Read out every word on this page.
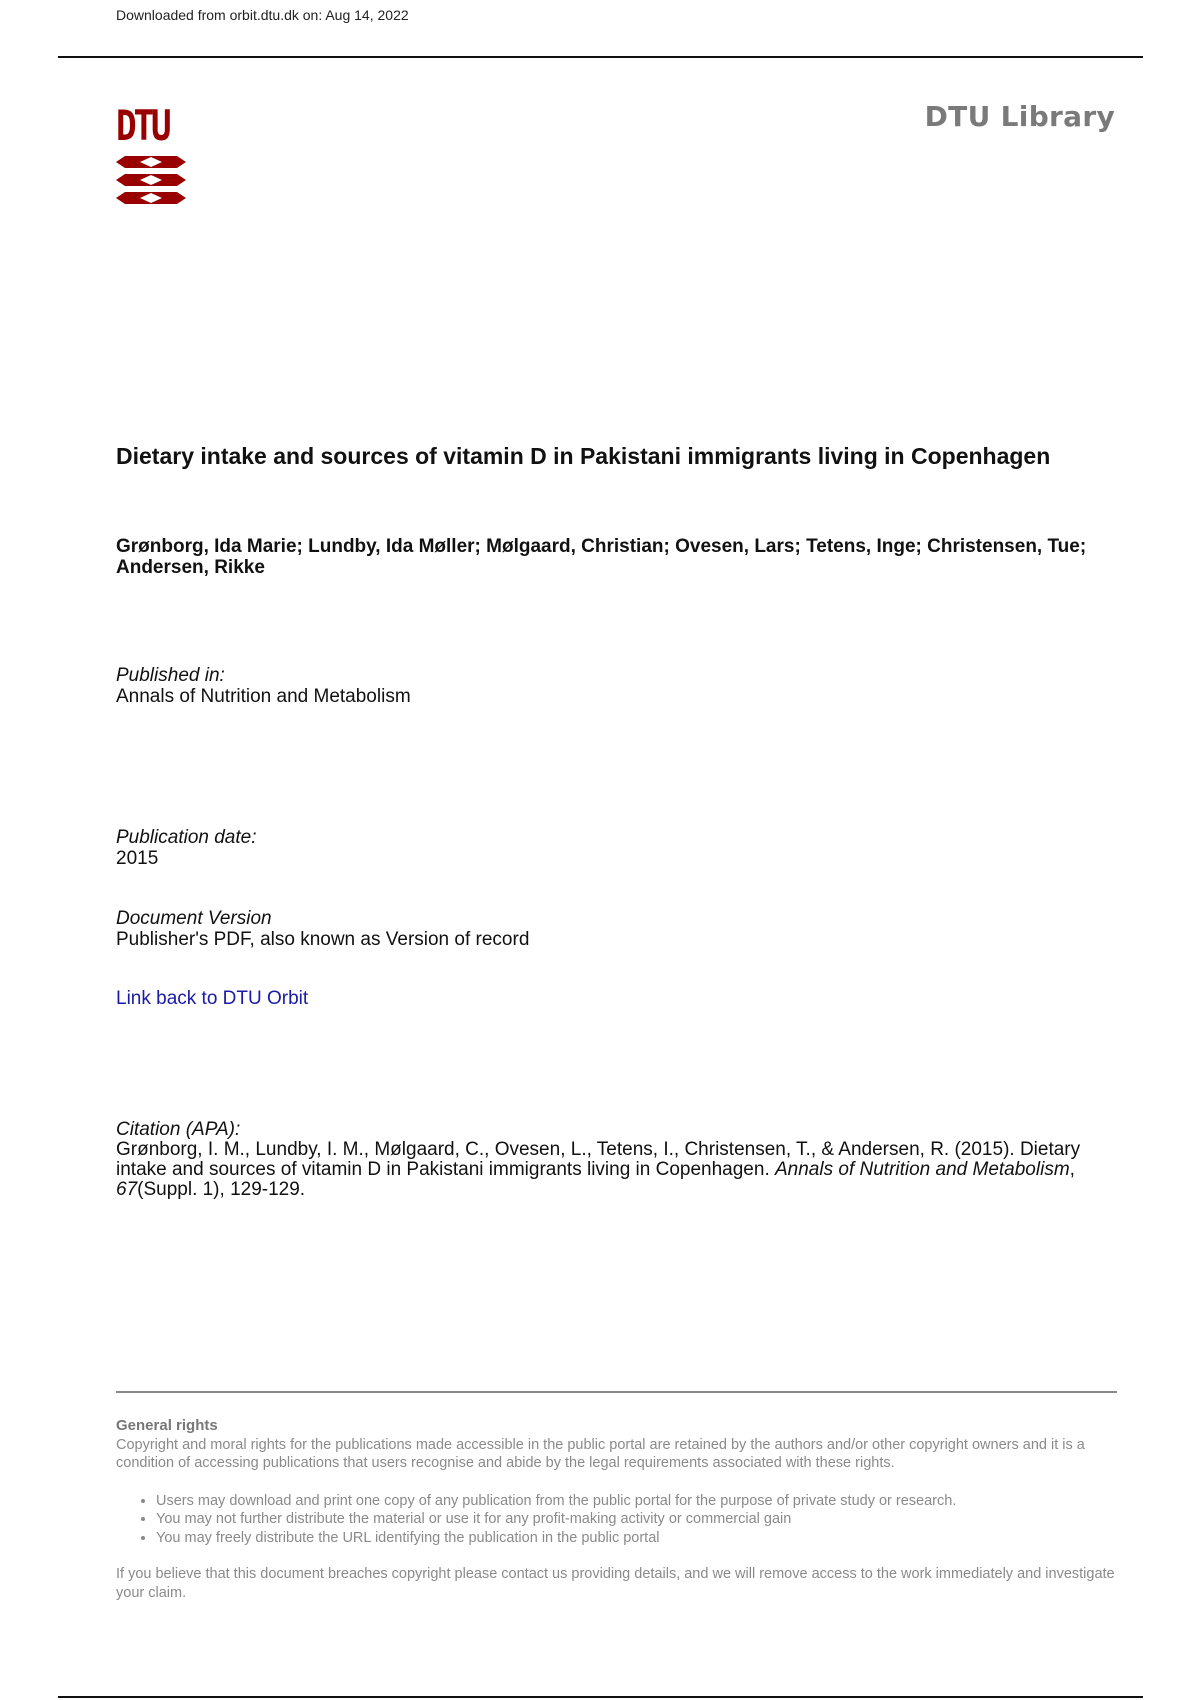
Downloaded from orbit.dtu.dk on: Aug 14, 2022
DTU	DTU Library
Dietary intake and sources of vitamin D in Pakistani immigrants living in Copenhagen
Grønborg, Ida Marie; Lundby, Ida Møller; Mølgaard, Christian; Ovesen, Lars; Tetens, Inge; Christensen, Tue; Andersen, Rikke
Published in:
Annals of Nutrition and Metabolism
Publication date:
2015
Document Version
Publisher's PDF, also known as Version of record
Link back to DTU Orbit
Citation (APA):
Grønborg, I. M., Lundby, I. M., Mølgaard, C., Ovesen, L., Tetens, I., Christensen, T., & Andersen, R. (2015). Dietary intake and sources of vitamin D in Pakistani immigrants living in Copenhagen. Annals of Nutrition and Metabolism, 67(Suppl. 1), 129-129.
General rights
Copyright and moral rights for the publications made accessible in the public portal are retained by the authors and/or other copyright owners and it is a condition of accessing publications that users recognise and abide by the legal requirements associated with these rights.
• Users may download and print one copy of any publication from the public portal for the purpose of private study or research.
• You may not further distribute the material or use it for any profit-making activity or commercial gain
• You may freely distribute the URL identifying the publication in the public portal
If you believe that this document breaches copyright please contact us providing details, and we will remove access to the work immediately and investigate your claim.
